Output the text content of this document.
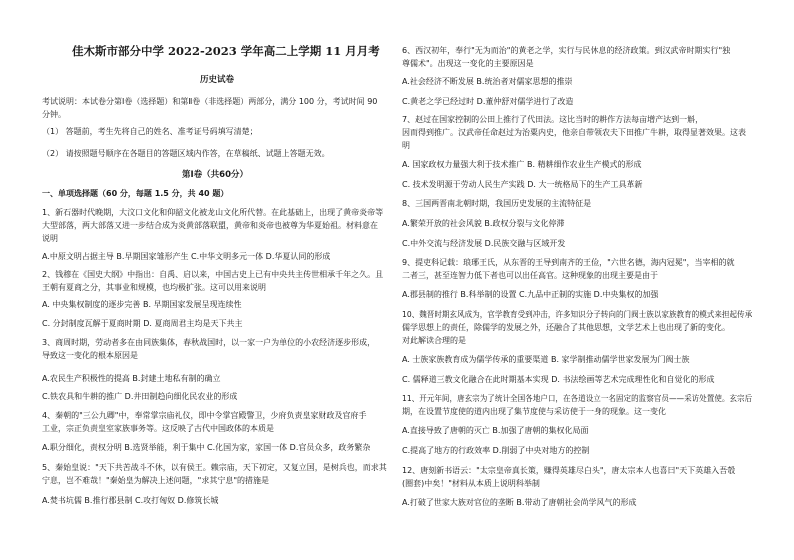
佳木斯市部分中学 2022-2023 学年高二上学期 11 月月考
历史试卷
考试说明：本试卷分第Ⅰ卷（选择题）和第Ⅱ卷（非选择题）两部分，满分 100 分，考试时间 90
分钟。
（1） 答题前，考生先将自己的姓名、准考证号码填写清楚；
（2） 请按照题号顺序在各题目的答题区域内作答，在草稿纸、试题上答题无效。
第Ⅰ卷（共60分）
一、单项选择题（60 分，每题 1.5 分，共 40 题）
1、新石器时代晚期，大汶口文化和仰韶文化被龙山文化所代替。在此基础上，出现了黄帝炎帝等
大型部落，两大部落又进一步结合成为炎黄部落联盟，黄帝和炎帝也被尊为华夏始祖。材料意在
说明
A.中原文明占据主导 B.早期国家雏形产生 C.中华文明多元一体 D.华夏认同的形成
2、钱穆在《国史大纲》中指出：自禹、启以来，中国古史上已有中央共主传世相承千年之久。且
王朝有夏商之分，其事业和规模，也均极扩张。这可以用来说明
A. 中央集权制度的逐步完善 B. 早期国家发展呈现连续性
C. 分封制度瓦解于夏商时期 D. 夏商周君主均是天下共主
3、商周时期，劳动者多在由同族集体，春秋战国时，以一家一户为单位的小农经济逐步形成，
导致这一变化的根本原因是
A.农民生产积极性的提高 B.封建土地私有制的确立
C.铁农具和牛耕的推广 D.井田制趋向细化民农业的形成
4、秦朝的"三公九卿"中，奉常掌宗庙礼仪，即中令掌宫殿警卫，少府负责皇家财政及官府手
工业，宗正负责皇室家族事务等。这反映了古代中国政体的本质是
A.职分细化，责权分明 B.选贤举能，利于集中 C.化国为家，家国一体 D.官员众多，政务繁杂
5、秦始皇说："天下共苦战斗不休，以有侯王。赖宗庙，天下初定，又复立国，是树兵也，而求其
宁息，岂不难哉！"秦始皇为解决上述问题，"求其宁息"的措施是
A.焚书坑儒 B.推行郡县制 C.攻打匈奴 D.修筑长城
6、西汉初年，奉行"无为而治"的黄老之学，实行与民休息的经济政策。到汉武帝时期实行"独
尊儒术"。出现这一变化的主要原因是
A.社会经济不断发展 B.统治者对儒家思想的推崇
C.黄老之学已经过时 D.董仲舒对儒学进行了改造
7、赵过在国家控制的公田上推行了代田法。这比当时的耕作方法每亩增产达到一斛，
因而得到推广。汉武帝任命赵过为治粟内史，他亲自带领农夫下田推广牛耕，取得显著效果。这表
明
A. 国家政权力量强大利于技术推广 B. 精耕细作农业生产模式的形成
C. 技术发明源于劳动人民生产实践 D. 大一统格局下的生产工具革新
8、三国两晋南北朝时期，我国历史发展的主流特征是
A.繁荣开放的社会风貌 B.政权分裂与文化停滞
C.中外交流与经济发展 D.民族交融与区域开发
9、提吏科记载：琅琊王氏，从东晋的王导到南齐的王俭，"六世名德，海内冠冕"，当宰相的就
二者三，甚至连智力低下者也可以出任高官。这种现象的出现主要是由于
A.郡县制的推行 B.科举制的设置 C.九品中正制的实施 D.中央集权的加强
10、魏晋时期玄风成为，官学教育受到冲击，许多知识分子转向的门阀士族以家族教育的模式来担起传承
儒学思想上的责任，除儒学的发展之外，还融合了其他思想，文学艺术上也出现了新的变化。
对此解读合理的是
A. 士族家族教育成为儒学传承的重要渠道 B. 家学制推动儒学世家发展为门阀士族
C. 儒释道三教文化融合在此时期基本实现 D. 书法绘画等艺术完成理性化和自觉化的形成
11、开元年间，唐玄宗为了统计全国各地户口，在各道设立一名固定的监察官员——采访处置使。玄宗后
期，在设置节度使的道内出现了集节度使与采访使于一身的现象。这一变化
A.直接导致了唐朝的灭亡 B.加强了唐朝的集权化局面
C.提高了地方的行政效率 D.削弱了中央对地方的控制
12、唐刻新书语云："太宗皇帝真长策，赚得英雄尽白头"，唐太宗本人也喜曰"天下英雄入吾彀
(圈套)中矣！"材料从本质上说明科举制
A.打破了世家大族对官位的垄断 B.带动了唐朝社会尚学风气的形成
